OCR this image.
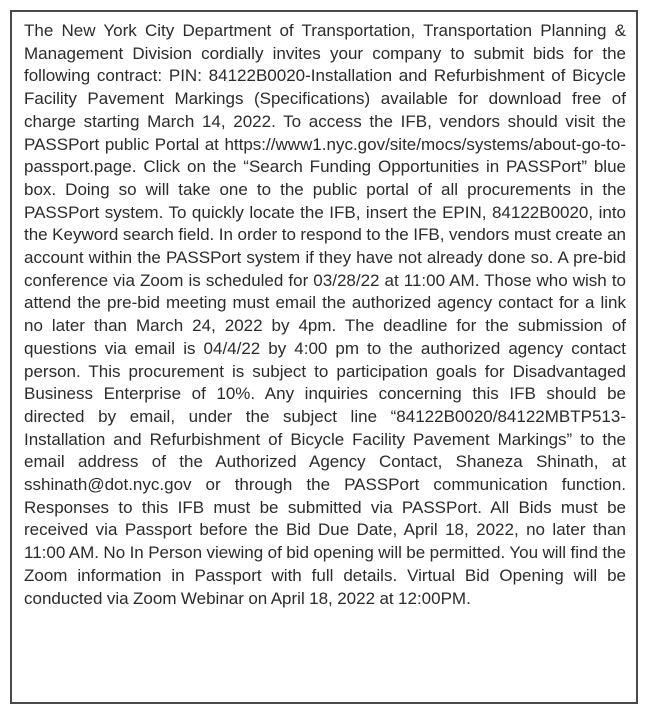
The New York City Department of Transportation, Transportation Planning & Management Division cordially invites your company to submit bids for the following contract: PIN: 84122B0020-Installation and Refurbishment of Bicycle Facility Pavement Markings (Specifications) available for download free of charge starting March 14, 2022. To access the IFB, vendors should visit the PASSPort public Portal at https://www1.nyc.gov/site/mocs/systems/about-go-to-passport.page. Click on the “Search Funding Opportunities in PASSPort” blue box. Doing so will take one to the public portal of all procurements in the PASSPort system. To quickly locate the IFB, insert the EPIN, 84122B0020, into the Keyword search field. In order to respond to the IFB, vendors must create an account within the PASSPort system if they have not already done so. A pre-bid conference via Zoom is scheduled for 03/28/22 at 11:00 AM. Those who wish to attend the pre-bid meeting must email the authorized agency contact for a link no later than March 24, 2022 by 4pm. The deadline for the submission of questions via email is 04/4/22 by 4:00 pm to the authorized agency contact person. This procurement is subject to participation goals for Disadvantaged Business Enterprise of 10%. Any inquiries concerning this IFB should be directed by email, under the subject line “84122B0020/84122MBTP513-Installation and Refurbishment of Bicycle Facility Pavement Markings” to the email address of the Authorized Agency Contact, Shaneza Shinath, at sshinath@dot.nyc.gov or through the PASSPort communication function. Responses to this IFB must be submitted via PASSPort. All Bids must be received via Passport before the Bid Due Date, April 18, 2022, no later than 11:00 AM. No In Person viewing of bid opening will be permitted. You will find the Zoom information in Passport with full details. Virtual Bid Opening will be conducted via Zoom Webinar on April 18, 2022 at 12:00PM.
